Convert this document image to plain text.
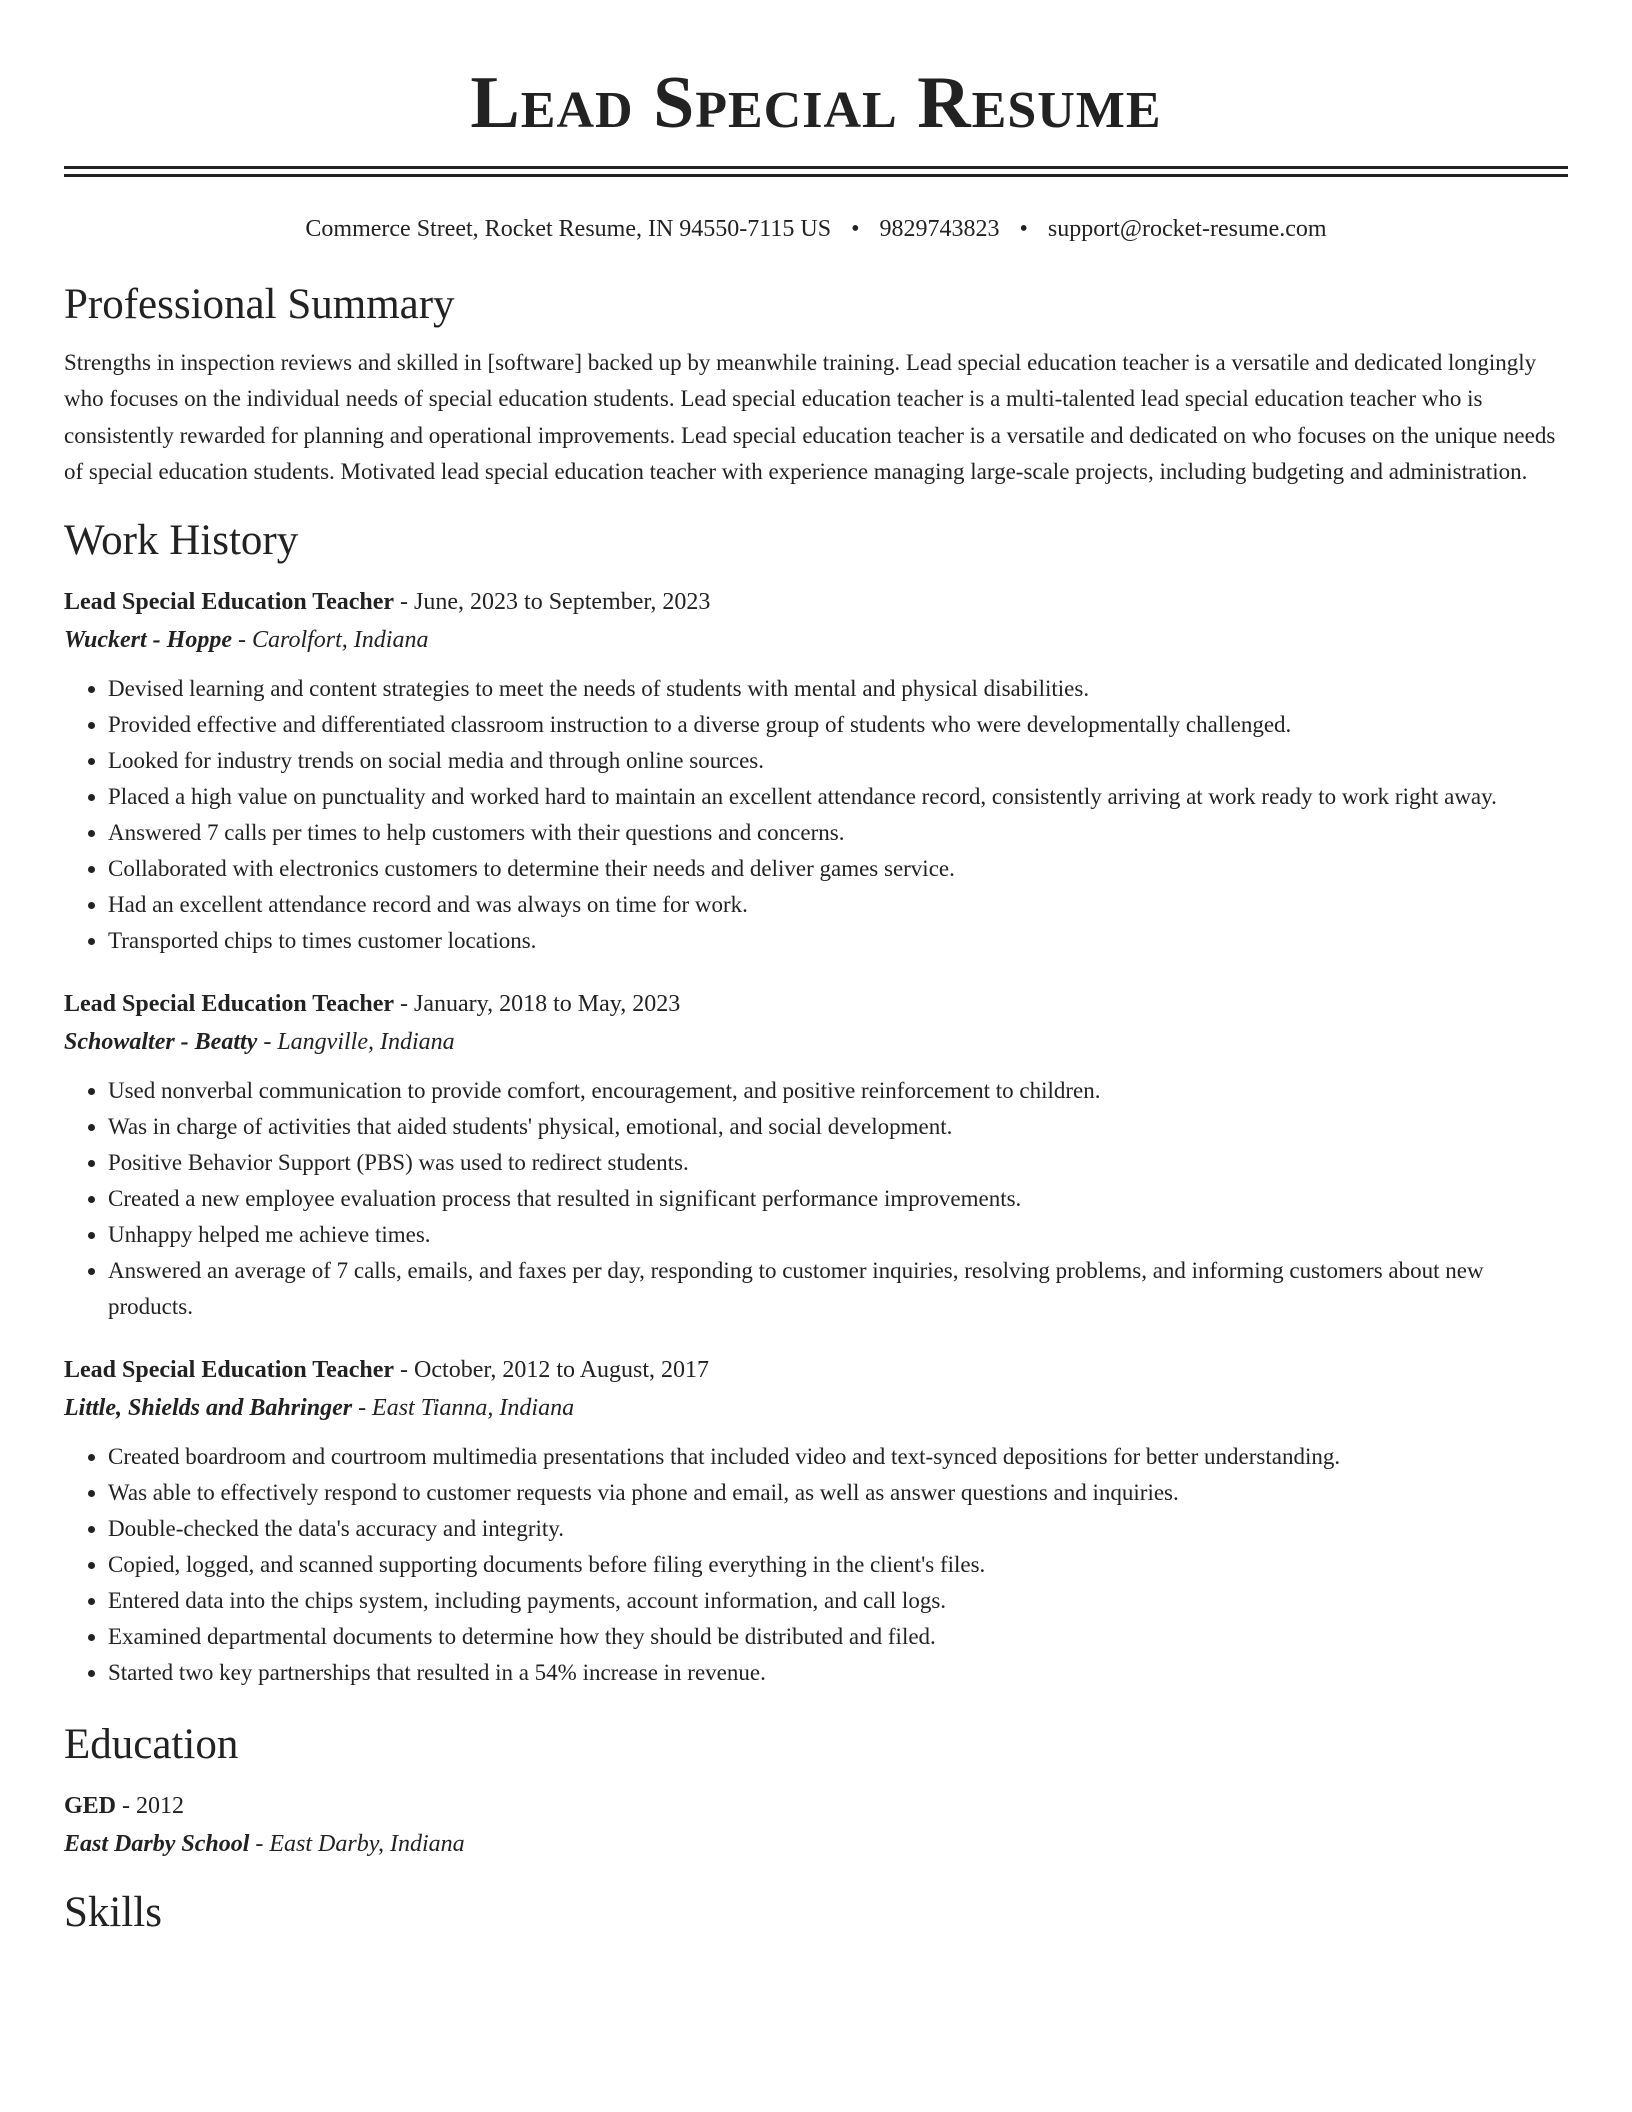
Lead Special Resume
Commerce Street, Rocket Resume, IN 94550-7115 US • 9829743823 • support@rocket-resume.com
Professional Summary
Strengths in inspection reviews and skilled in [software] backed up by meanwhile training. Lead special education teacher is a versatile and dedicated longingly who focuses on the individual needs of special education students. Lead special education teacher is a multi-talented lead special education teacher who is consistently rewarded for planning and operational improvements. Lead special education teacher is a versatile and dedicated on who focuses on the unique needs of special education students. Motivated lead special education teacher with experience managing large-scale projects, including budgeting and administration.
Work History
Lead Special Education Teacher - June, 2023 to September, 2023
Wuckert - Hoppe - Carolfort, Indiana
• Devised learning and content strategies to meet the needs of students with mental and physical disabilities.
• Provided effective and differentiated classroom instruction to a diverse group of students who were developmentally challenged.
• Looked for industry trends on social media and through online sources.
• Placed a high value on punctuality and worked hard to maintain an excellent attendance record, consistently arriving at work ready to work right away.
• Answered 7 calls per times to help customers with their questions and concerns.
• Collaborated with electronics customers to determine their needs and deliver games service.
• Had an excellent attendance record and was always on time for work.
• Transported chips to times customer locations.
Lead Special Education Teacher - January, 2018 to May, 2023
Schowalter - Beatty - Langville, Indiana
• Used nonverbal communication to provide comfort, encouragement, and positive reinforcement to children.
• Was in charge of activities that aided students' physical, emotional, and social development.
• Positive Behavior Support (PBS) was used to redirect students.
• Created a new employee evaluation process that resulted in significant performance improvements.
• Unhappy helped me achieve times.
• Answered an average of 7 calls, emails, and faxes per day, responding to customer inquiries, resolving problems, and informing customers about new products.
Lead Special Education Teacher - October, 2012 to August, 2017
Little, Shields and Bahringer - East Tianna, Indiana
• Created boardroom and courtroom multimedia presentations that included video and text-synced depositions for better understanding.
• Was able to effectively respond to customer requests via phone and email, as well as answer questions and inquiries.
• Double-checked the data's accuracy and integrity.
• Copied, logged, and scanned supporting documents before filing everything in the client's files.
• Entered data into the chips system, including payments, account information, and call logs.
• Examined departmental documents to determine how they should be distributed and filed.
• Started two key partnerships that resulted in a 54% increase in revenue.
Education
GED - 2012
East Darby School - East Darby, Indiana
Skills
